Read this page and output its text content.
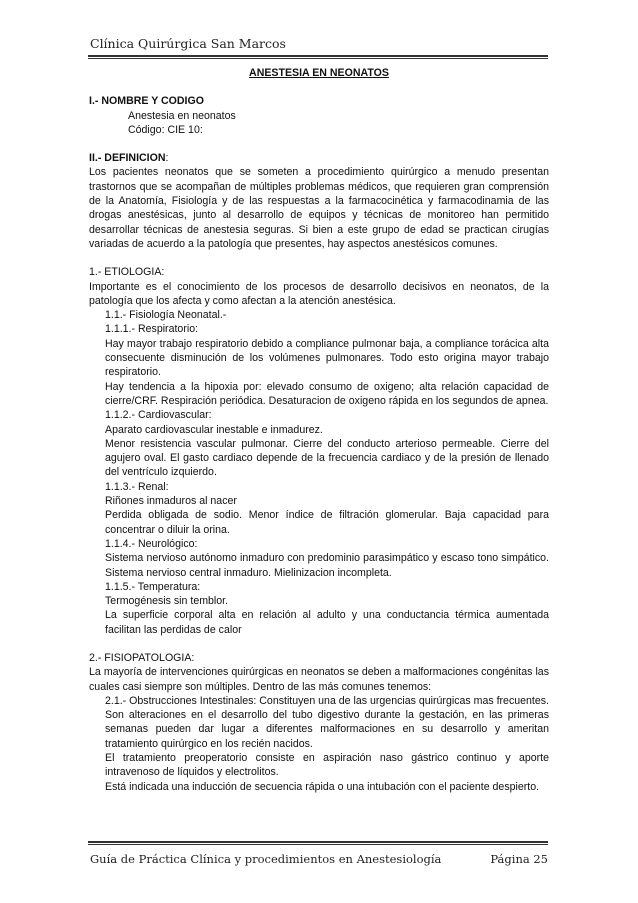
Clínica Quirúrgica San Marcos

ANESTESIA EN NEONATOS

I.- NOMBRE Y CODIGO

Anestesia en neonatos

Código: CIE 10:

II.- DEFINICION:

Los pacientes neonatos que se someten a procedimiento quirúrgico a menudo presentan trastornos que se acompañan de múltiples problemas médicos, que requieren gran comprensión de la Anatomía, Fisiología y de las respuestas a la farmacocinética y farmacodinamia de las drogas anestésicas, junto al desarrollo de equipos y técnicas de monitoreo han permitido desarrollar técnicas de anestesia seguras. Si bien a este grupo de edad se practican cirugías variadas de acuerdo a la patología que presentes, hay aspectos anestésicos comunes.

1.- ETIOLOGIA:

Importante es el conocimiento de los procesos de desarrollo decisivos en neonatos, de la patología que los afecta y como afectan a la atención anestésica.

1.1.- Fisiología Neonatal.-

1.1.1.- Respiratorio:

Hay mayor trabajo respiratorio debido a compliance pulmonar baja, a compliance torácica alta consecuente disminución de los volúmenes pulmonares. Todo esto origina mayor trabajo respiratorio.

Hay tendencia a la hipoxia por: elevado consumo de oxigeno; alta relación capacidad de cierre/CRF. Respiración periódica. Desaturacion de oxigeno rápida en los segundos de apnea.

1.1.2.- Cardiovascular:

Aparato cardiovascular inestable e inmadurez.

Menor resistencia vascular pulmonar. Cierre del conducto arterioso permeable. Cierre del agujero oval. El gasto cardiaco depende de la frecuencia cardiaco y de la presión de llenado del ventrículo izquierdo.

1.1.3.- Renal:

Riñones inmaduros al nacer

Perdida obligada de sodio. Menor índice de filtración glomerular. Baja capacidad para concentrar o diluir la orina.

1.1.4.- Neurológico:

Sistema nervioso autónomo inmaduro con predominio parasimpático y escaso tono simpático. Sistema nervioso central inmaduro. Mielinizacion incompleta.

1.1.5.- Temperatura:

Termogénesis sin temblor.

La superficie corporal alta en relación al adulto y una conductancia térmica aumentada facilitan las perdidas de calor

2.- FISIOPATOLOGIA:

La mayoría de intervenciones quirúrgicas en neonatos se deben a malformaciones congénitas las cuales casi siempre son múltiples. Dentro de las más comunes tenemos:

2.1.- Obstrucciones Intestinales: Constituyen una de las urgencias quirúrgicas mas frecuentes. Son alteraciones en el desarrollo del tubo digestivo durante la gestación, en las primeras semanas pueden dar lugar a diferentes malformaciones en su desarrollo y ameritan tratamiento quirúrgico en los recién nacidos.

El tratamiento preoperatorio consiste en aspiración naso gástrico continuo y aporte intravenoso de líquidos y electrolitos.

Está indicada una inducción de secuencia rápida o una intubación con el paciente despierto.

Guía de Práctica Clínica y procedimientos en Anestesiología	Página 25
